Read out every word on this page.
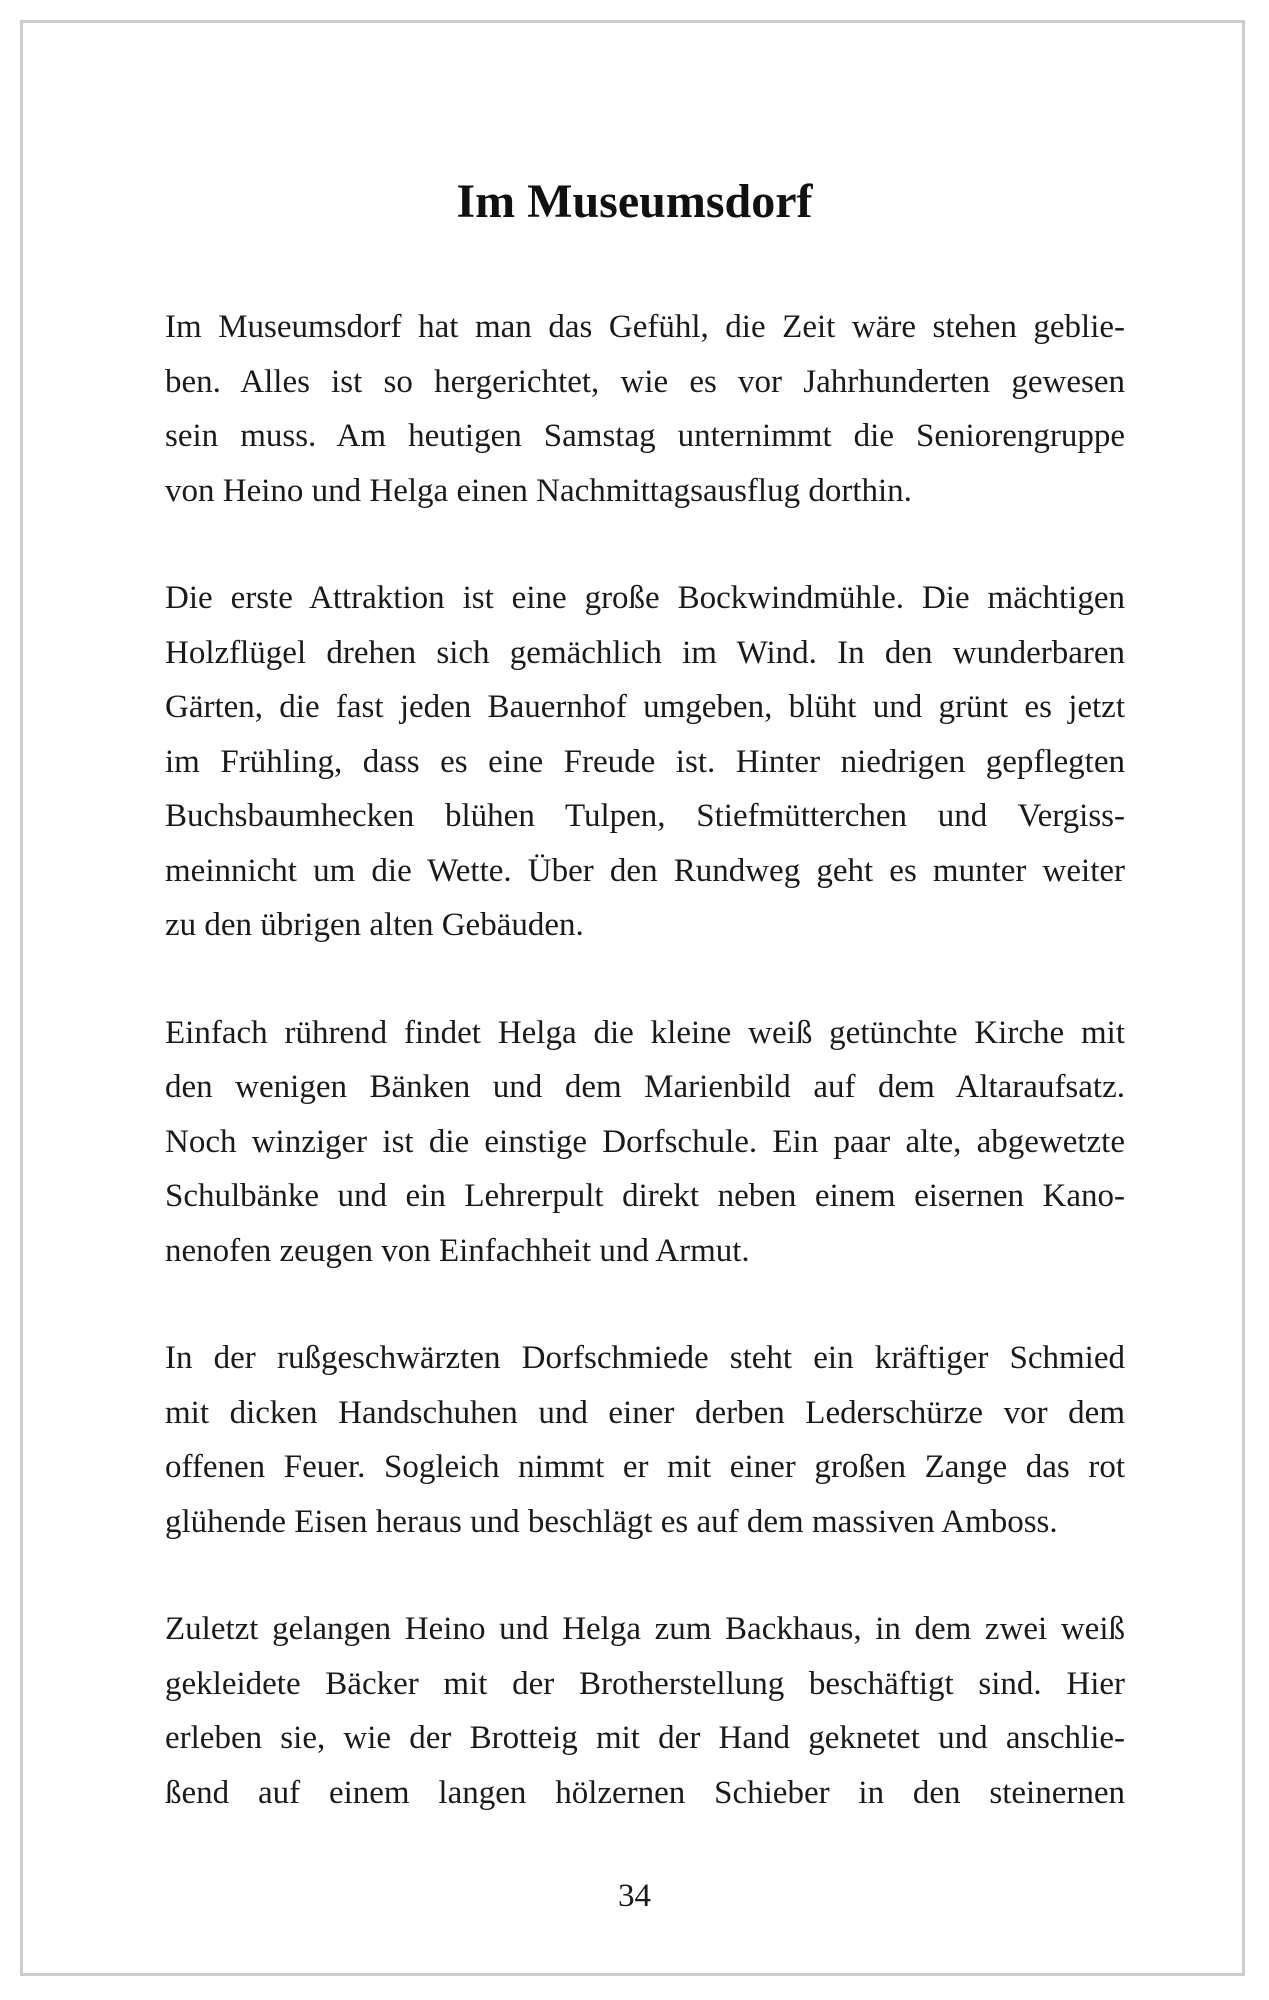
Im Museumsdorf

Im Museumsdorf hat man das Gefühl, die Zeit wäre stehen geblie-
ben. Alles ist so hergerichtet, wie es vor Jahrhunderten gewesen
sein muss. Am heutigen Samstag unternimmt die Seniorengruppe
von Heino und Helga einen Nachmittagsausflug dorthin.

Die erste Attraktion ist eine große Bockwindmühle. Die mächtigen
Holzflügel drehen sich gemächlich im Wind. In den wunderbaren
Gärten, die fast jeden Bauernhof umgeben, blüht und grünt es jetzt
im Frühling, dass es eine Freude ist. Hinter niedrigen gepflegten
Buchsbaumhecken blühen Tulpen, Stiefmütterchen und Vergiss-
meinnicht um die Wette. Über den Rundweg geht es munter weiter
zu den übrigen alten Gebäuden.

Einfach rührend findet Helga die kleine weiß getünchte Kirche mit
den wenigen Bänken und dem Marienbild auf dem Altaraufsatz.
Noch winziger ist die einstige Dorfschule. Ein paar alte, abgewetzte
Schulbänke und ein Lehrerpult direkt neben einem eisernen Kano-
nenofen zeugen von Einfachheit und Armut.

In der rußgeschwärzten Dorfschmiede steht ein kräftiger Schmied
mit dicken Handschuhen und einer derben Lederschürze vor dem
offenen Feuer. Sogleich nimmt er mit einer großen Zange das rot
glühende Eisen heraus und beschlägt es auf dem massiven Amboss.

Zuletzt gelangen Heino und Helga zum Backhaus, in dem zwei weiß
gekleidete Bäcker mit der Brotherstellung beschäftigt sind. Hier
erleben sie, wie der Brotteig mit der Hand geknetet und anschlie-
ßend auf einem langen hölzernen Schieber in den steinernen

34
